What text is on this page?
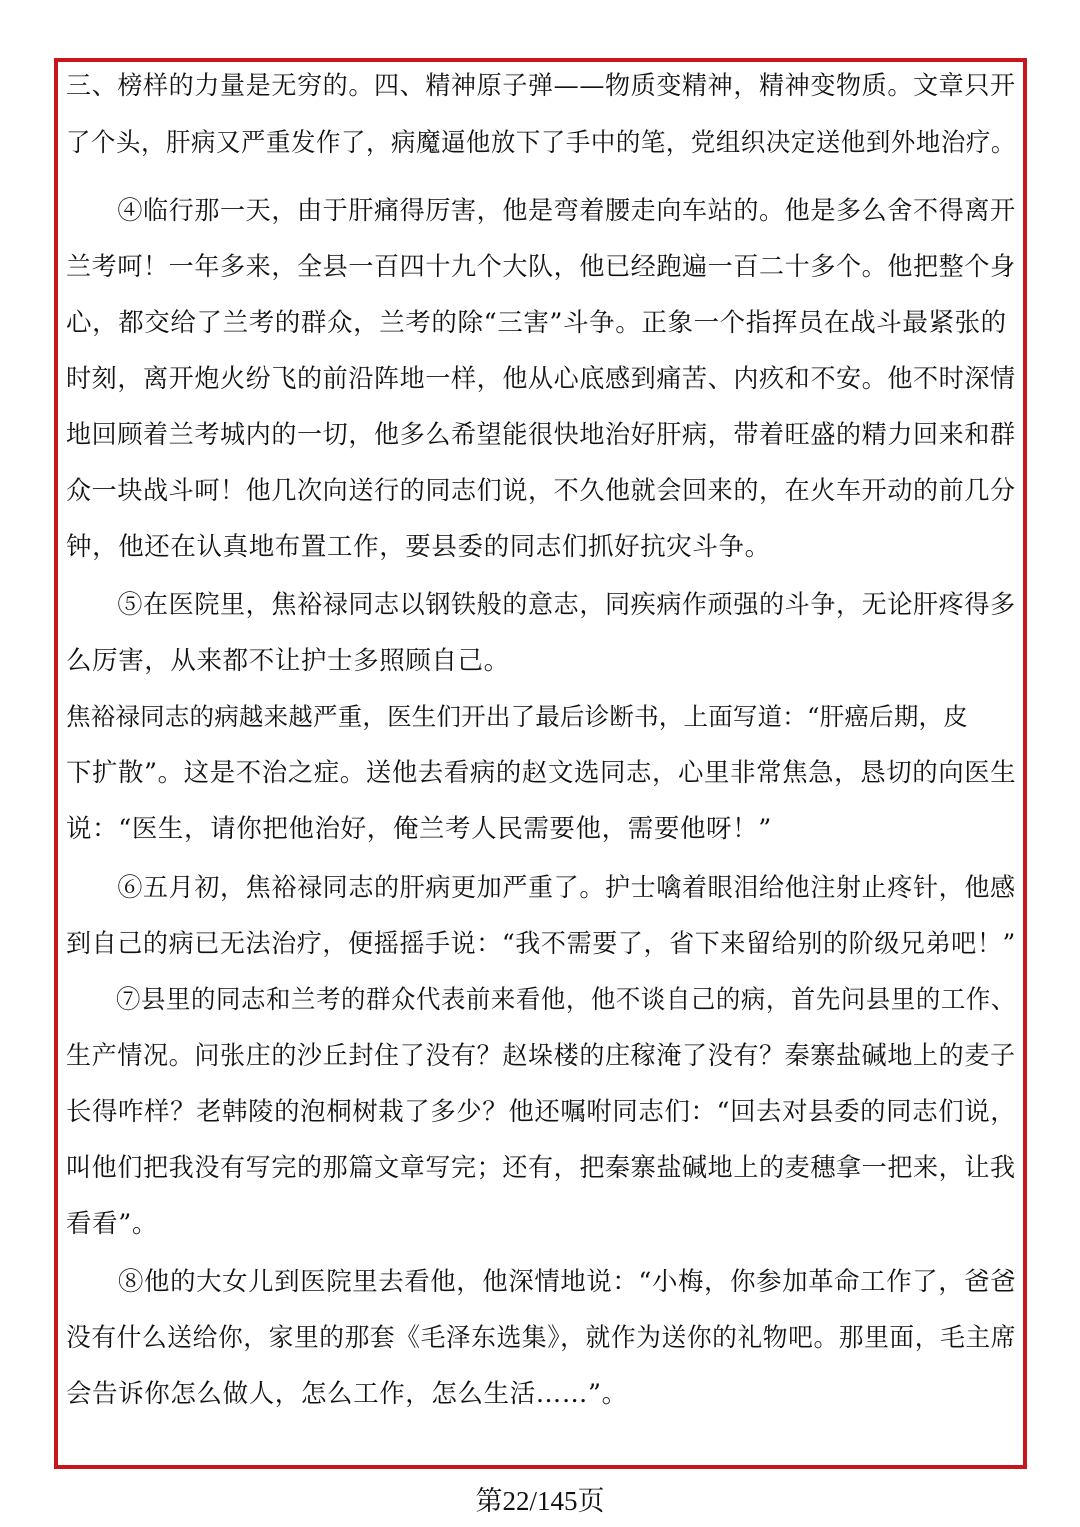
三、榜样的力量是无穷的。四、精神原子弹——物质变精神，精神变物质。文章只开
了个头，肝病又严重发作了，病魔逼他放下了手中的笔，党组织决定送他到外地治疗。
　　④临行那一天，由于肝痛得厉害，他是弯着腰走向车站的。他是多么舍不得离开
兰考呵！一年多来，全县一百四十九个大队，他已经跑遍一百二十多个。他把整个身
心，都交给了兰考的群众，兰考的除“三害”斗争。正象一个指挥员在战斗最紧张的
时刻，离开炮火纷飞的前沿阵地一样，他从心底感到痛苦、内疚和不安。他不时深情
地回顾着兰考城内的一切，他多么希望能很快地治好肝病，带着旺盛的精力回来和群
众一块战斗呵！他几次向送行的同志们说，不久他就会回来的，在火车开动的前几分
钟，他还在认真地布置工作，要县委的同志们抓好抗灾斗争。
　　⑤在医院里，焦裕禄同志以钢铁般的意志，同疾病作顽强的斗争，无论肝疼得多
么厉害，从来都不让护士多照顾自己。
焦裕禄同志的病越来越严重，医生们开出了最后诊断书，上面写道：“肝癌后期，皮
下扩散”。这是不治之症。送他去看病的赵文选同志，心里非常焦急，恳切的向医生
说：“医生，请你把他治好，俺兰考人民需要他，需要他呀！”
　　⑥五月初，焦裕禄同志的肝病更加严重了。护士噙着眼泪给他注射止疼针，他感
到自己的病已无法治疗，便摇摇手说：“我不需要了，省下来留给别的阶级兄弟吧！”
　　⑦县里的同志和兰考的群众代表前来看他，他不谈自己的病，首先问县里的工作、
生产情况。问张庄的沙丘封住了没有？赵垛楼的庄稼淹了没有？秦寨盐碱地上的麦子
长得咋样？老韩陵的泡桐树栽了多少？他还嘱咐同志们：“回去对县委的同志们说，
叫他们把我没有写完的那篇文章写完；还有，把秦寨盐碱地上的麦穗拿一把来，让我
看看”。
　　⑧他的大女儿到医院里去看他，他深情地说：“小梅，你参加革命工作了，爸爸
没有什么送给你，家里的那套《毛泽东选集》，就作为送你的礼物吧。那里面，毛主席
会告诉你怎么做人，怎么工作，怎么生活……”。
第22/145页
